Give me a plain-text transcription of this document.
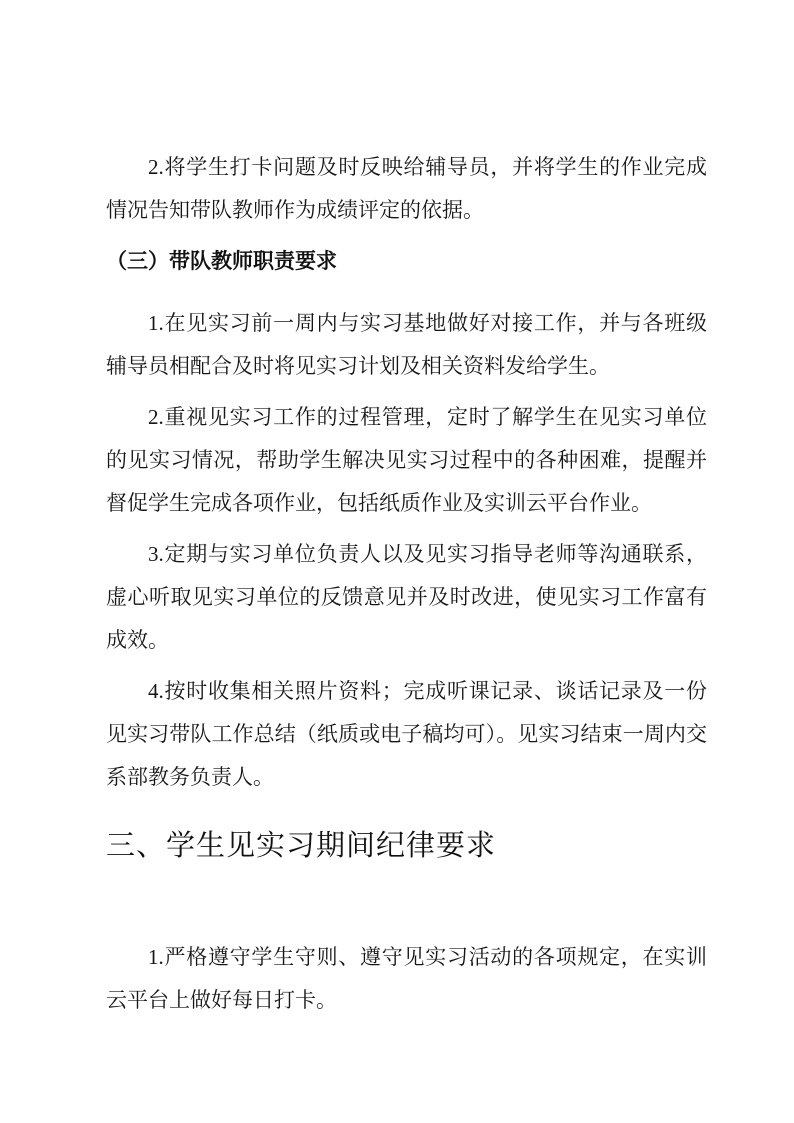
2.将学生打卡问题及时反映给辅导员，并将学生的作业完成情况告知带队教师作为成绩评定的依据。

（三）带队教师职责要求

1.在见实习前一周内与实习基地做好对接工作，并与各班级辅导员相配合及时将见实习计划及相关资料发给学生。

2.重视见实习工作的过程管理，定时了解学生在见实习单位的见实习情况，帮助学生解决见实习过程中的各种困难，提醒并督促学生完成各项作业，包括纸质作业及实训云平台作业。

3.定期与实习单位负责人以及见实习指导老师等沟通联系，虚心听取见实习单位的反馈意见并及时改进，使见实习工作富有成效。

4.按时收集相关照片资料；完成听课记录、谈话记录及一份见实习带队工作总结（纸质或电子稿均可）。见实习结束一周内交系部教务负责人。

三、学生见实习期间纪律要求

1.严格遵守学生守则、遵守见实习活动的各项规定，在实训云平台上做好每日打卡。
